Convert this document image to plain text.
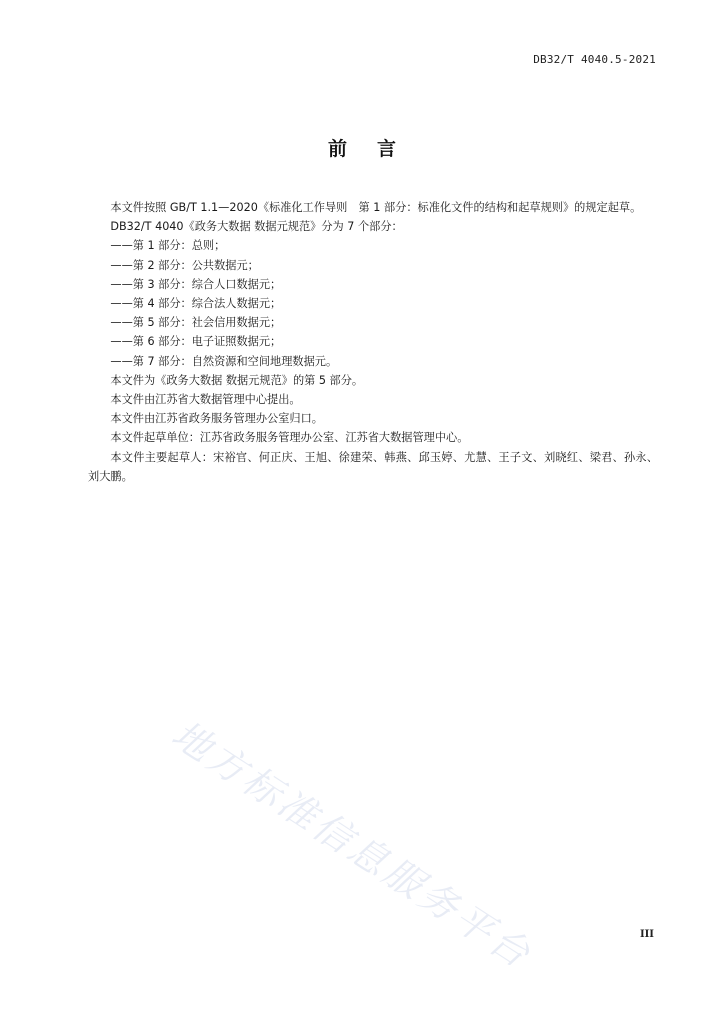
DB32/T 4040.5-2021
前言

本文件按照 GB/T 1.1—2020《标准化工作导则　第 1 部分：标准化文件的结构和起草规则》的规定起草。

DB32/T 4040《政务大数据 数据元规范》分为 7 个部分：

——第 1 部分：总则；
——第 2 部分：公共数据元；
——第 3 部分：综合人口数据元；
——第 4 部分：综合法人数据元；
——第 5 部分：社会信用数据元；
——第 6 部分：电子证照数据元；
——第 7 部分：自然资源和空间地理数据元。

本文件为《政务大数据 数据元规范》的第 5 部分。

本文件由江苏省大数据管理中心提出。

本文件由江苏省政务服务管理办公室归口。

本文件起草单位：江苏省政务服务管理办公室、江苏省大数据管理中心。

本文件主要起草人：宋裕官、何正庆、王旭、徐建荣、韩燕、邱玉婷、尤慧、王子文、刘晓红、梁君、孙永、刘大鹏。

地方标准信息服务平台	III
